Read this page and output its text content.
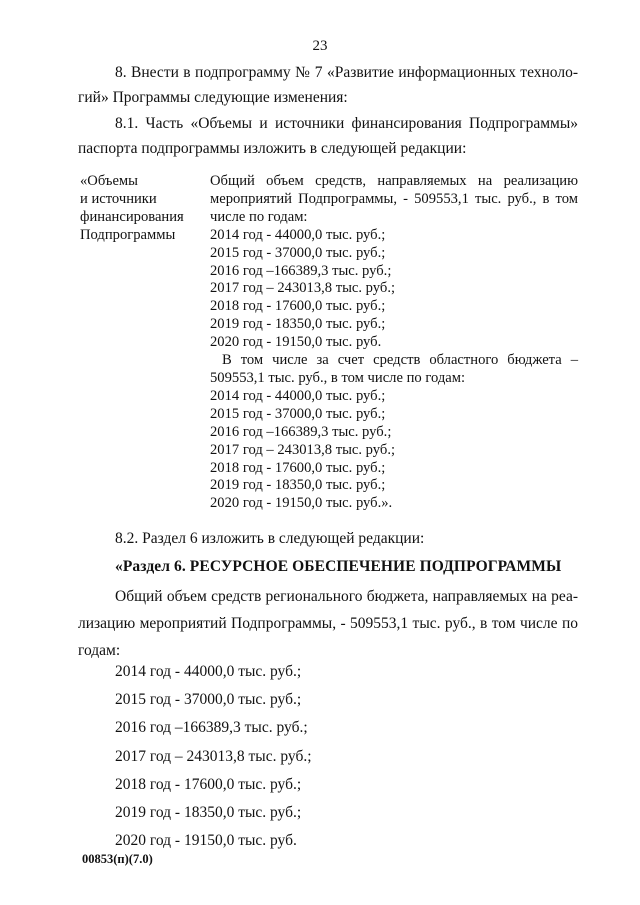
23
8. Внести в подпрограмму № 7 «Развитие информационных техноло-гий» Программы следующие изменения:
8.1. Часть «Объемы и источники финансирования Подпрограммы» паспорта подпрограммы изложить в следующей редакции:
«Объемы
и источники
финансирования
Подпрограммы
Общий объем средств, направляемых на реализацию мероприятий Подпрограммы, - 509553,1 тыс. руб., в том числе по годам:
2014 год - 44000,0 тыс. руб.;
2015 год - 37000,0 тыс. руб.;
2016 год –166389,3 тыс. руб.;
2017 год – 243013,8 тыс. руб.;
2018 год - 17600,0 тыс. руб.;
2019 год - 18350,0 тыс. руб.;
2020 год - 19150,0 тыс. руб.
В том числе за счет средств областного бюджета – 509553,1 тыс. руб., в том числе по годам:
2014 год - 44000,0 тыс. руб.;
2015 год - 37000,0 тыс. руб.;
2016 год –166389,3 тыс. руб.;
2017 год – 243013,8 тыс. руб.;
2018 год - 17600,0 тыс. руб.;
2019 год - 18350,0 тыс. руб.;
2020 год - 19150,0 тыс. руб.».
8.2. Раздел 6 изложить в следующей редакции:
«Раздел 6. РЕСУРСНОЕ ОБЕСПЕЧЕНИЕ ПОДПРОГРАММЫ
Общий объем средств регионального бюджета, направляемых на реа-лизацию мероприятий Подпрограммы, - 509553,1 тыс. руб., в том числе по годам:
2014 год - 44000,0 тыс. руб.;
2015 год - 37000,0 тыс. руб.;
2016 год –166389,3 тыс. руб.;
2017 год – 243013,8 тыс. руб.;
2018 год - 17600,0 тыс. руб.;
2019 год - 18350,0 тыс. руб.;
2020 год - 19150,0 тыс. руб.
00853(п)(7.0)
